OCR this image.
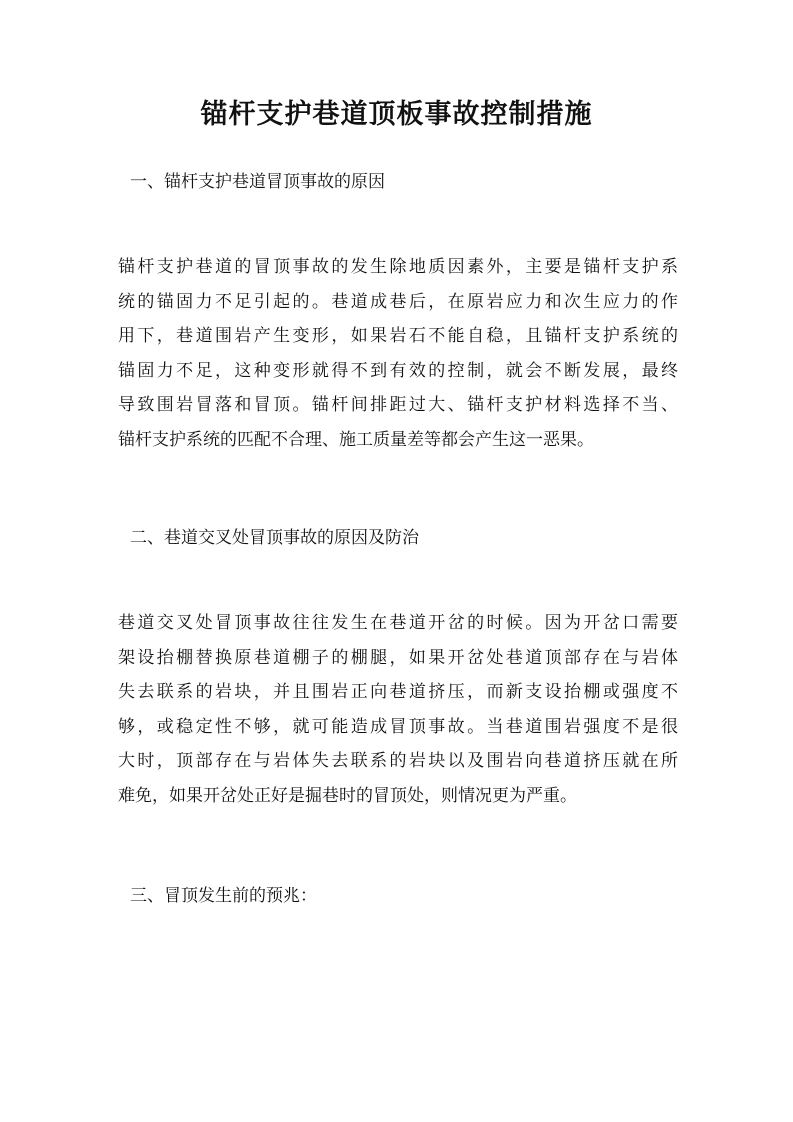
锚杆支护巷道顶板事故控制措施
一、锚杆支护巷道冒顶事故的原因

锚杆支护巷道的冒顶事故的发生除地质因素外，主要是锚杆支护系
统的锚固力不足引起的。巷道成巷后，在原岩应力和次生应力的作
用下，巷道围岩产生变形，如果岩石不能自稳，且锚杆支护系统的
锚固力不足，这种变形就得不到有效的控制，就会不断发展，最终
导致围岩冒落和冒顶。锚杆间排距过大、锚杆支护材料选择不当、
锚杆支护系统的匹配不合理、施工质量差等都会产生这一恶果。

二、巷道交叉处冒顶事故的原因及防治

巷道交叉处冒顶事故往往发生在巷道开岔的时候。因为开岔口需要
架设抬棚替换原巷道棚子的棚腿，如果开岔处巷道顶部存在与岩体
失去联系的岩块，并且围岩正向巷道挤压，而新支设抬棚或强度不
够，或稳定性不够，就可能造成冒顶事故。当巷道围岩强度不是很
大时，顶部存在与岩体失去联系的岩块以及围岩向巷道挤压就在所
难免，如果开岔处正好是掘巷时的冒顶处，则情况更为严重。

三、冒顶发生前的预兆：
